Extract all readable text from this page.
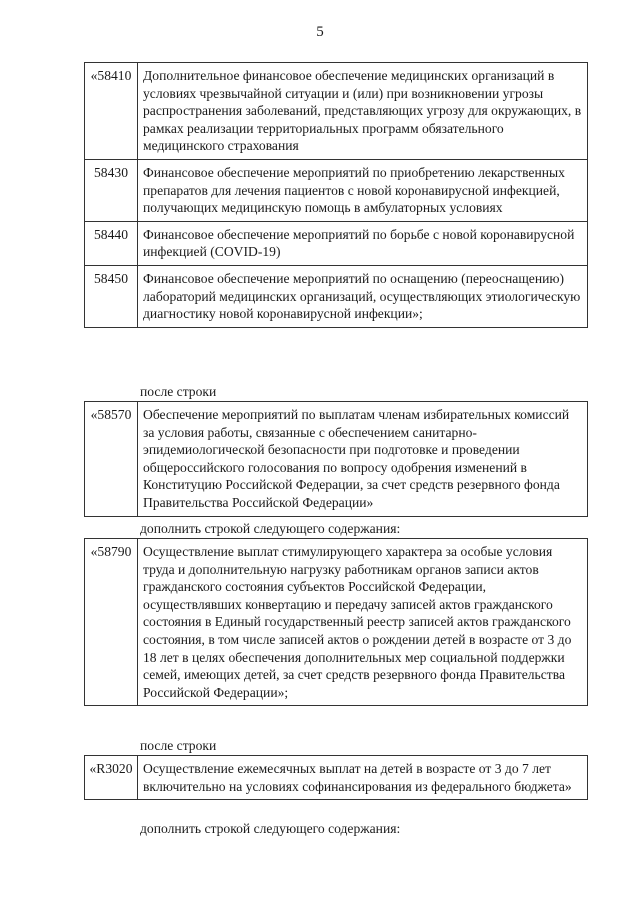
5
«58410	Дополнительное финансовое обеспечение медицинских организаций в условиях чрезвычайной ситуации и (или) при возникновении угрозы распространения заболеваний, представляющих угрозу для окружающих, в рамках реализации территориальных программ обязательного медицинского страхования
58430	Финансовое обеспечение мероприятий по приобретению лекарственных препаратов для лечения пациентов с новой коронавирусной инфекцией, получающих медицинскую помощь в амбулаторных условиях
58440	Финансовое обеспечение мероприятий по борьбе с новой коронавирусной инфекцией (COVID-19)
58450	Финансовое обеспечение мероприятий по оснащению (переоснащению) лабораторий медицинских организаций, осуществляющих этиологическую диагностику новой коронавирусной инфекции»;
после строки
«58570	Обеспечение мероприятий по выплатам членам избирательных комиссий за условия работы, связанные с обеспечением санитарно-эпидемиологической безопасности при подготовке и проведении общероссийского голосования по вопросу одобрения изменений в Конституцию Российской Федерации, за счет средств резервного фонда Правительства Российской Федерации»
дополнить строкой следующего содержания:
«58790	Осуществление выплат стимулирующего характера за особые условия труда и дополнительную нагрузку работникам органов записи актов гражданского состояния субъектов Российской Федерации, осуществлявших конвертацию и передачу записей актов гражданского состояния в Единый государственный реестр записей актов гражданского состояния, в том числе записей актов о рождении детей в возрасте от 3 до 18 лет в целях обеспечения дополнительных мер социальной поддержки семей, имеющих детей, за счет средств резервного фонда Правительства Российской Федерации»;
после строки
«R3020	Осуществление ежемесячных выплат на детей в возрасте от 3 до 7 лет включительно на условиях софинансирования из федерального бюджета»
дополнить строкой следующего содержания:
